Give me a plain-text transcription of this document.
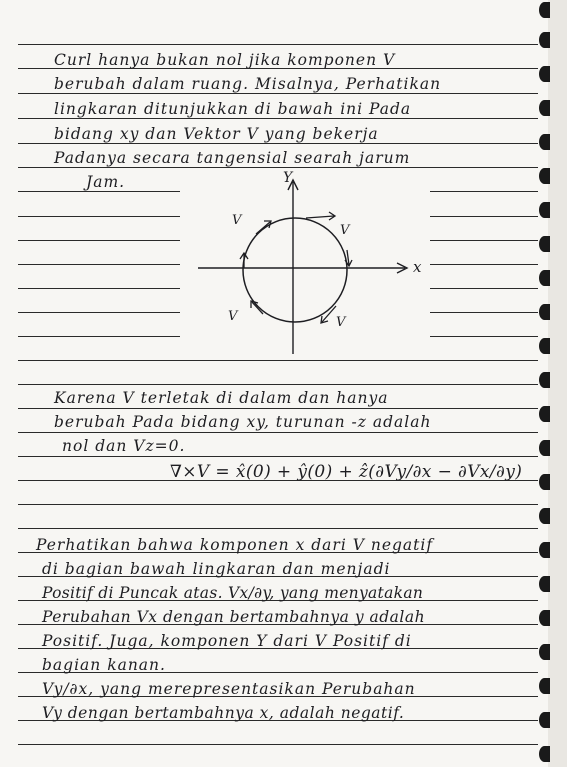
Curl hanya bukan nol jika komponen V

berubah dalam ruang. Misalnya, Perhatikan

lingkaran ditunjukkan di bawah ini Pada

bidang xy dan Vektor V yang bekerja

Padanya secara tangensial searah jarum

Jam.

x
Y
V
V
V
V

Karena V terletak di dalam dan hanya

berubah Pada bidang xy, turunan -z adalah

nol dan Vz=0.

∇×V = x̂(0) + ŷ(0) + ẑ(∂Vy/∂x − ∂Vx/∂y)

Perhatikan bahwa komponen x dari V negatif

di bagian bawah lingkaran dan menjadi

Positif di Puncak atas. Vx/∂y, yang menyatakan

Perubahan Vx dengan bertambahnya y adalah

Positif. Juga, komponen Y dari V Positif di

bagian kanan.

Vy/∂x, yang merepresentasikan Perubahan

Vy dengan bertambahnya x, adalah negatif.
